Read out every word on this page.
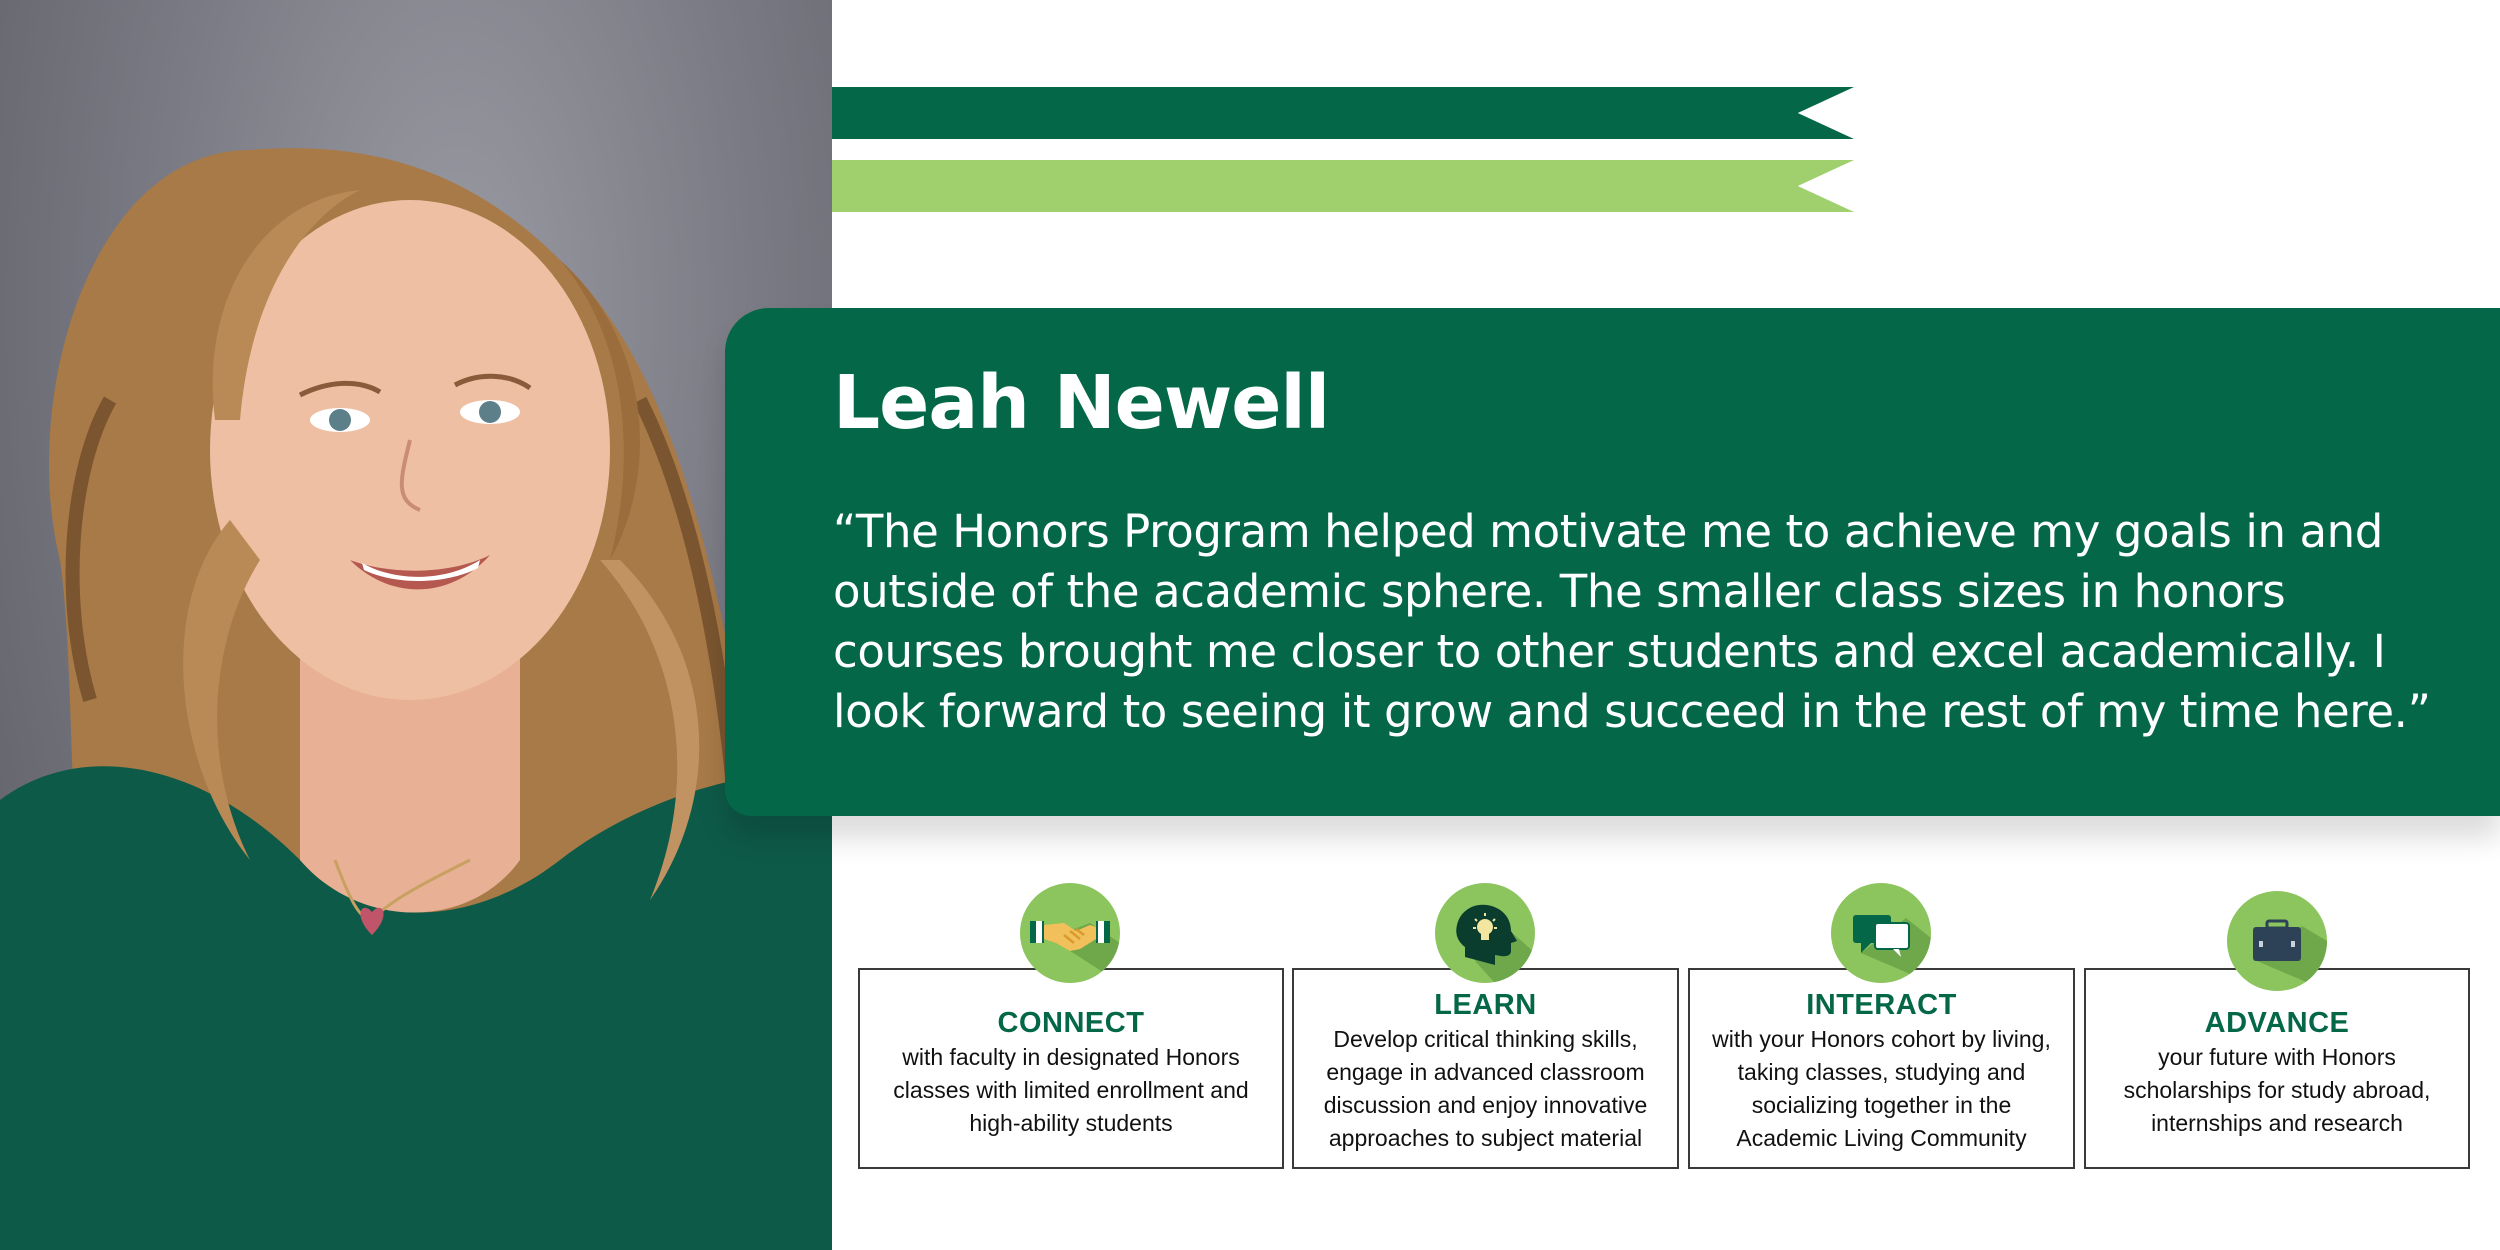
Leah Newell
“The Honors Program helped motivate me to achieve my goals in and outside of the academic sphere. The smaller class sizes in honors courses brought me closer to other students and excel academically. I look forward to seeing it grow and succeed in the rest of my time here.”
CONNECT
with faculty in designated Honors classes with limited enrollment and high-ability students
LEARN
Develop critical thinking skills, engage in advanced classroom discussion and enjoy innovative approaches to subject material
INTERACT
with your Honors cohort by living, taking classes, studying and socializing together in the Academic Living Community
ADVANCE
your future with Honors scholarships for study abroad, internships and research
